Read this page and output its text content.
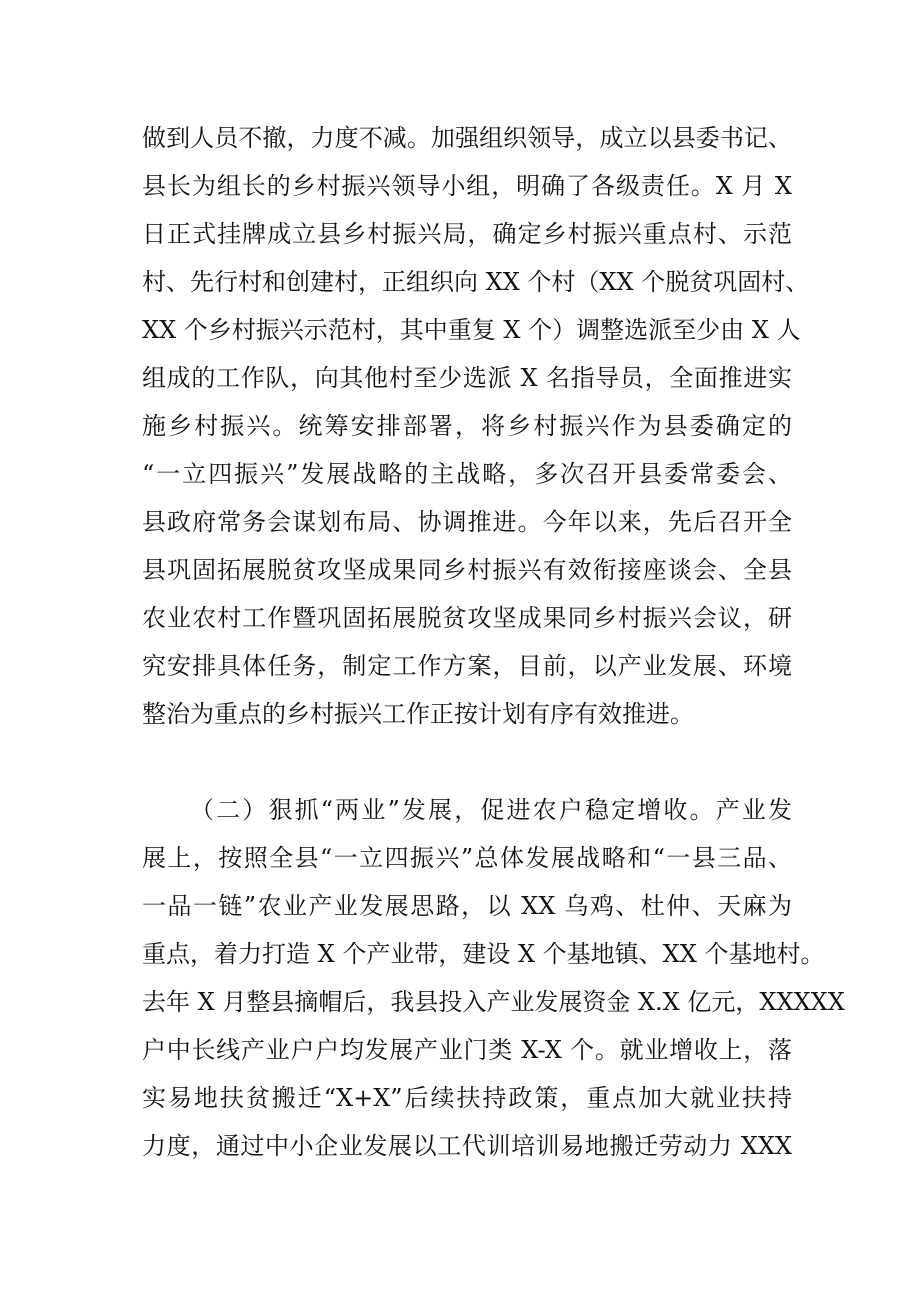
做到人员不撤，力度不减。加强组织领导，成立以县委书记、
县长为组长的乡村振兴领导小组，明确了各级责任。X 月 X
日正式挂牌成立县乡村振兴局，确定乡村振兴重点村、示范
村、先行村和创建村，正组织向 XX 个村（XX 个脱贫巩固村、
XX 个乡村振兴示范村，其中重复 X 个）调整选派至少由 X 人
组成的工作队，向其他村至少选派 X 名指导员，全面推进实
施乡村振兴。统筹安排部署，将乡村振兴作为县委确定的
“一立四振兴”发展战略的主战略，多次召开县委常委会、
县政府常务会谋划布局、协调推进。今年以来，先后召开全
县巩固拓展脱贫攻坚成果同乡村振兴有效衔接座谈会、全县
农业农村工作暨巩固拓展脱贫攻坚成果同乡村振兴会议，研
究安排具体任务，制定工作方案，目前，以产业发展、环境
整治为重点的乡村振兴工作正按计划有序有效推进。
（二）狠抓“两业”发展，促进农户稳定增收。产业发
展上，按照全县“一立四振兴”总体发展战略和“一县三品、
一品一链”农业产业发展思路，以 XX 乌鸡、杜仲、天麻为
重点，着力打造 X 个产业带，建设 X 个基地镇、XX 个基地村。
去年 X 月整县摘帽后，我县投入产业发展资金 X.X 亿元，XXXXX
户中长线产业户户均发展产业门类 X-X 个。就业增收上，落
实易地扶贫搬迁“X+X”后续扶持政策，重点加大就业扶持
力度，通过中小企业发展以工代训培训易地搬迁劳动力 XXX
